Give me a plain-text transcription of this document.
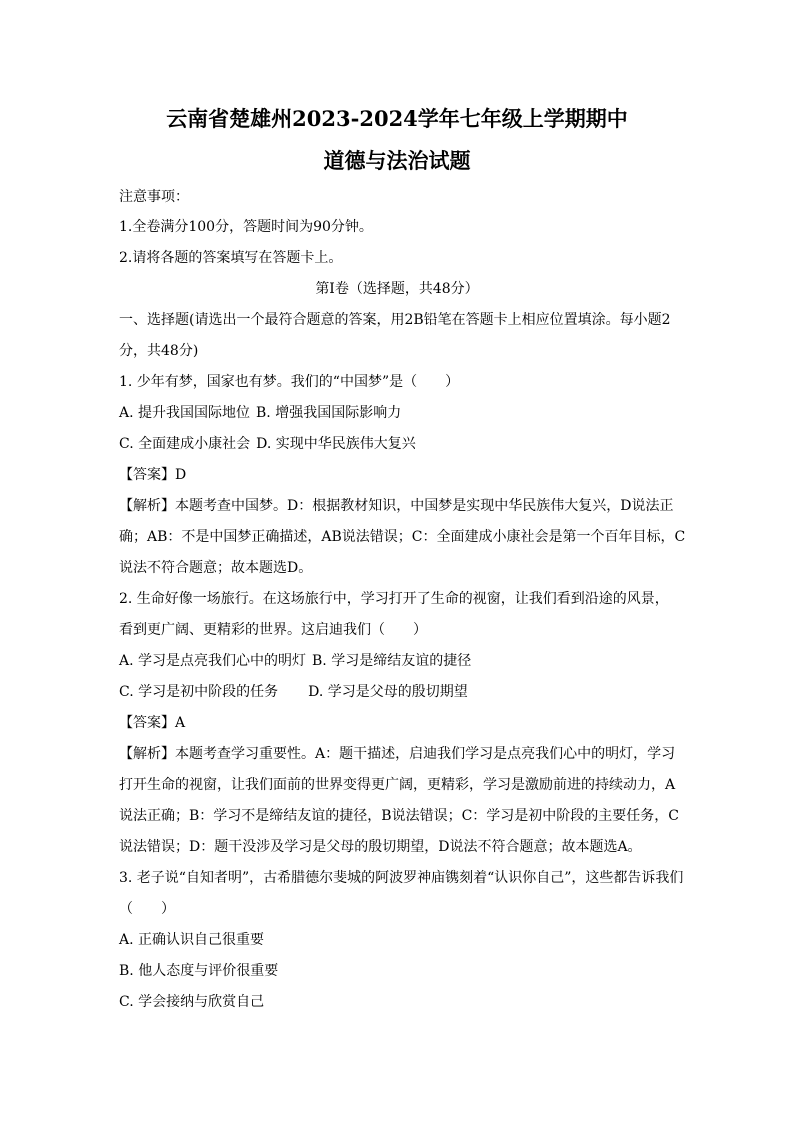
云南省楚雄州2023-2024学年七年级上学期期中
道德与法治试题
注意事项：
1.全卷满分100分，答题时间为90分钟。
2.请将各题的答案填写在答题卡上。
第I卷（选择题，共48分）
一、选择题(请选出一个最符合题意的答案，用2B铅笔在答题卡上相应位置填涂。每小题2
分，共48分)
1. 少年有梦，国家也有梦。我们的“中国梦”是（　　）
A. 提升我国国际地位 B. 增强我国国际影响力
C. 全面建成小康社会 D. 实现中华民族伟大复兴
【答案】D
【解析】本题考查中国梦。D：根据教材知识，中国梦是实现中华民族伟大复兴，D说法正
确；AB：不是中国梦正确描述，AB说法错误；C：全面建成小康社会是第一个百年目标，C
说法不符合题意；故本题选D。
2. 生命好像一场旅行。在这场旅行中，学习打开了生命的视窗，让我们看到沿途的风景，
看到更广阔、更精彩的世界。这启迪我们（　　）
A. 学习是点亮我们心中的明灯 B. 学习是缔结友谊的捷径
C. 学习是初中阶段的任务 D. 学习是父母的殷切期望
【答案】A
【解析】本题考查学习重要性。A：题干描述，启迪我们学习是点亮我们心中的明灯，学习
打开生命的视窗，让我们面前的世界变得更广阔，更精彩，学习是激励前进的持续动力，A
说法正确；B：学习不是缔结友谊的捷径，B说法错误；C：学习是初中阶段的主要任务，C
说法错误；D：题干没涉及学习是父母的殷切期望，D说法不符合题意；故本题选A。
3. 老子说“自知者明”，古希腊德尔斐城的阿波罗神庙镌刻着“认识你自己”，这些都告诉我们
（　　）
A. 正确认识自己很重要
B. 他人态度与评价很重要
C. 学会接纳与欣赏自己
